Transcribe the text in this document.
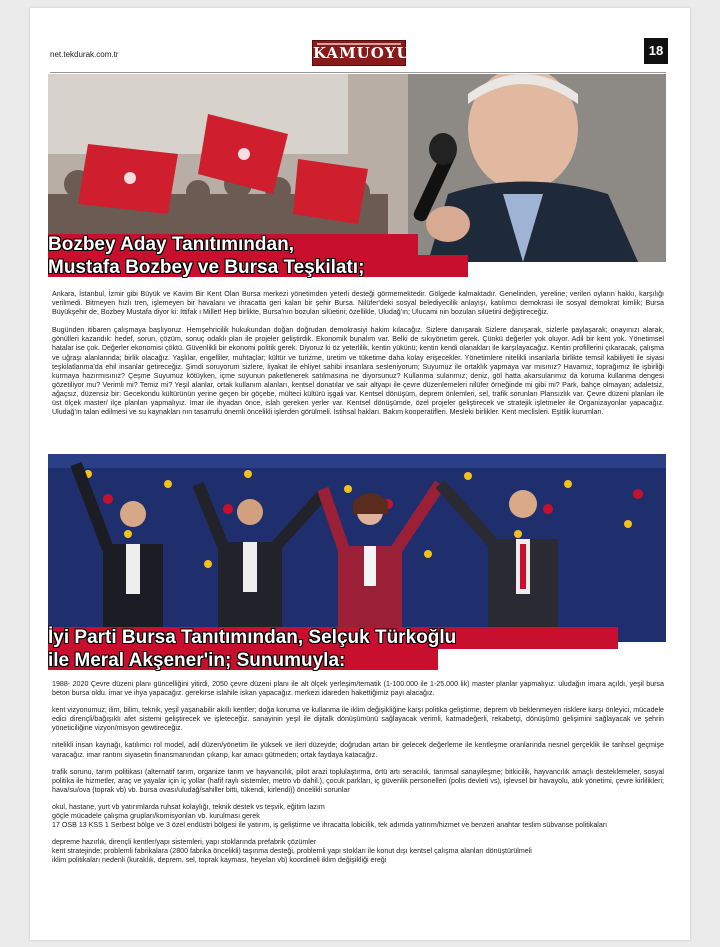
net.tekdurak.com.tr	KAMUOYU	18
Bozbey Aday Tanıtımından,
Mustafa Bozbey ve Bursa Teşkilatı;

Ankara, İstanbul, İzmir gibi Büyük ve Kavim Bir Kent Olan Bursa merkezi yönetimden yeterli desteği görmemektedir. Gölgede kalmaktadır. Genelinden, yereline; verilen oyların hakkı, karşılığı verilmedi. Bitmeyen hızlı tren, işlemeyen bir havalanı ve ihracatta geri kalan bir şehir Bursa. Nilüfer'deki sosyal belediyecilik anlayışı, katılımcı demokrasi ile sosyal demokrat kimlik; Bursa Büyükşehir de, Bozbey Mustafa diyor ki: İttifak ı Millet! Hep birlikte, Bursa'nın bozulan silüetini; özellikle, Uludağ'ın; Ulucami nin bozulan silüetini değiştireceğiz.

Bugünden itibaren çalışmaya başlıyoruz. Hemşehricilik hukukundan doğan doğrudan demokrasiyi hakim kılacağız. Sizlere danışarak Sizlere danışarak, sizlerle paylaşarak; onayınızı alarak, gönülleri kazandık: hedef, sorun, çözüm, sonuç odaklı plan ile projeler geliştirdik. Ekonomik bunalım var. Belki de sıkıyönetim gerek. Çünkü değerler yok oluyor. Adil bir kent yok. Yönetimsel hatalar ise çok. Değerler ekonomisi çöktü. Güvenlikli bir ekonomi politik gerek. Diyoruz ki öz yeterlilik, kentin yükünü; kentin kendi olanakları ile karşılayacağız. Kentin profillerini çıkaracak, çalışma ve uğraşı alanlarında; birlik olacağız. Yaşlılar, engelliler, muhtaçlar; kültür ve turizme, üretim ve tüketime daha kolay erişecekler. Yönetimlere nitelikli insanlarla birlikte temsil kabiliyeti ile siyasi teşkilatlanma'da ehil insanlar getireceğiz. Şimdi soruyorum sizlere, liyakat ile ehliyet sahibi insanlara sesleniyorum; Suyumuz ile ortaklık yapmaya var mısınız? Havamız, toprağımız ile işbirliği kurmaya hazırmısınız? Çeşme Suyumuz kötüyken, içme suyunun paketlenerek satılmasına ne diyorsunuz? Kullanma sularımız; deniz, göl hatta akarsularımız da koruma kullanma dengesi gözetiliyor mu? Verimli mi? Temiz mi? Yeşil alanlar, ortak kullanım alanları, kentsel donatılar ve sair altyapı ile çevre düzenlemeleri nilüfer örneğinde mi gibi mi? Park, bahçe olmayan; adaletsiz, ağaçsız, düzensiz bir: Gecekondu kültürünün yerine geçen bir göçebe, mülteci kültürü işgali var. Kentsel dönüşüm, deprem önlemleri, sel, trafik sorunları Plansızlık var. Çevre düzeni planları ile üst ölçek master/ ilçe planları yapmalıyız. İmar ile ihyadan önce, islah gereken yerler var. Kentsel dönüşümde, özel projeler geliştirecek ve stratejik işletmeler ile Organizayonlar yapacağız. Uludağ'ın talan edilmesi ve su kaynakları nın tasarrufu önemli öncelikli işlerden görülmeli. İstihsal hakları. Bakım kooperatifleri. Mesleki birlikler. Kent meclisleri. Eşitlik kurumları.

İyi Parti Bursa Tanıtımından, Selçuk Türkoğlu
ile Meral Akşener'in; Sunumuyla:

1988- 2020 Çevre düzeni planı güncelliğini yitirdi, 2050 çevre düzeni planı ile alt ölçek yerleşim/tematik (1-100.000 ile 1-25.000 lik) master planlar yapmalıyız. uludağın imara açıldı, yeşil bursa beton bursa oldu. imar ve ihya yapacağız. gerekirse islahile iskan yapacağız. merkezi idareden hakettiğimiz payı alacağız.

kent vizyonumuz; ilim, bilim, teknik, yeşil yaşanabilir akıllı kentler; doğa koruma ve kullanma ile iklim değişikliğine karşı politika geliştirme, deprem vb beklenmeyen risklere karşı önleyici, mücadele edici dirençli/bağışıklı afet sistemi geliştirecek ve işleteceğiz. sanayinin yeşil ile dijitalk dönüşümünü sağlayacak verimli, katmadeğerli, rekabetçi, dönüşümü gelişimini sağlayacak ve şehrin yöneticiliğine vizyon/misyon gewtireceğiz.

nitelikli insan kaynağı, katılımcı rol model, adil düzen/yönetim ile yüksek ve ileri düzeyde; doğrudan artan bir gelecek değerleme ile kentleşme oranlarında nesnel gerçeklik ile tarihsel geçmişe varacağız. imar rantını siyasetin finansmanından çıkarıp, kar amacı gütmeden; ortak faydaya katacağız.

trafik sorunu, tarım politikası (alternatif tarım, organize tarım ve hayvancılık, pilot arazi toplulaştırma, örtü artı seracılık, tarımsal sanayileşme; bitkicilik, hayvancılık amaçlı desteklemeler, sosyal politika ile hizmetler, araç ve yayalar için iç yollar (hafif raylı sistemler, metro vb dahil.), çocuk parkları, iç güvenlik personelleri (polis devleti vs), işlevsel bir havayolu, atık yönetimi, çevre kirlilikleri; hava/su/ova (toprak vb) vb. bursa ovası/uludağ/sahiller bitti, tükendi, kirlendi)) öncelikli sorunlar

okul, hastane, yurt vb yatırımlarda ruhsat kolaylığı, teknik destek vs teşvik, eğitim lazım

göçle mücadele çalışma grupları/komisyonları vb. kurulması gerek

17 OSB 13 KSS 1 Serbest bölge ve 3 özel endüstri bölgesi ile yatırım, iş geliştirme ve ihracatta lobicilik, tek adımda yatırım/hizmet ve benzeri anahtar teslim sübvanse politikaları

depreme hazırlık, dirençli kentler/yapı sistemleri, yapı stoklarında prefabrik çözümler

kent stratejinde; problemli fabrikalara (2800 fabrika öncelikli) taşınma desteği, problemli yapı stokları ile konut dışı kentsel çalışma alanları dönüştürülmeli

iklim politikaları nedenli (kuraklık, deprem, sel, toprak kayması, heyelan vb) koordineli iklim değişikliği ereği
